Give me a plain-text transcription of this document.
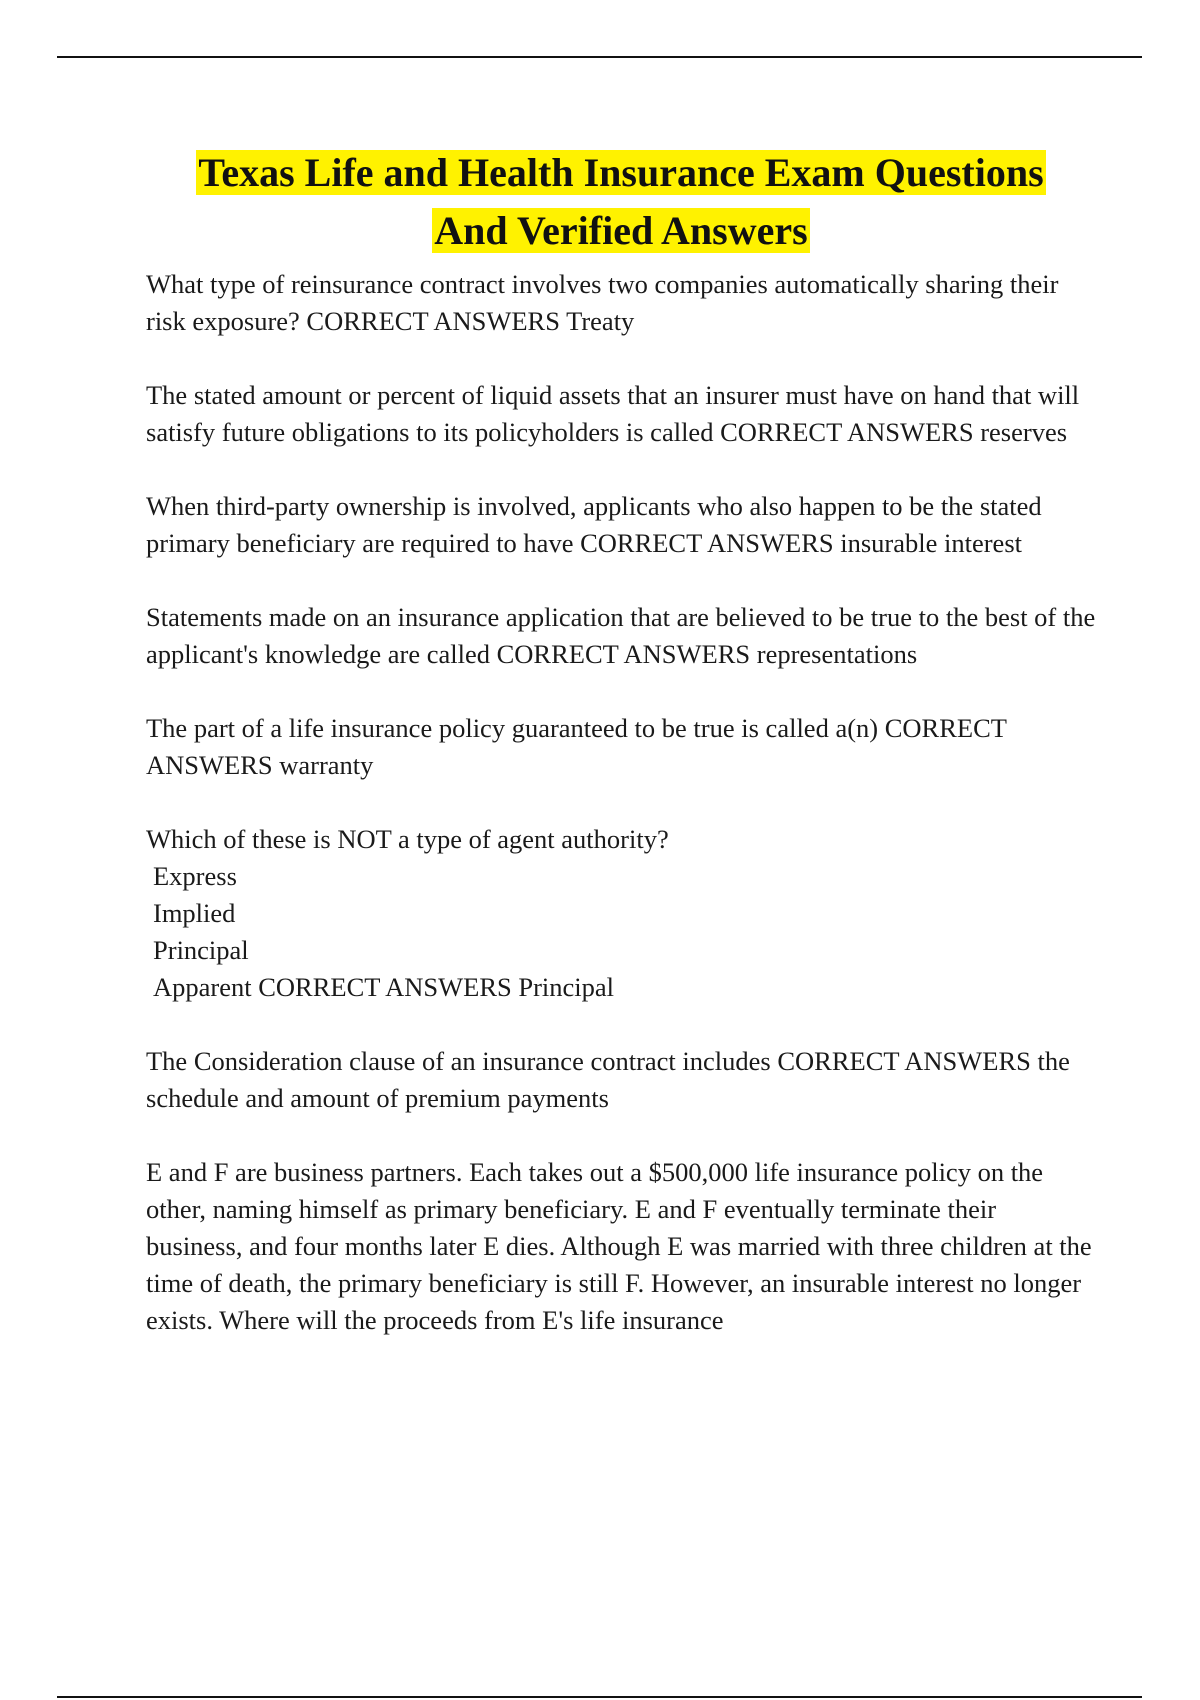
Texas Life and Health Insurance Exam Questions
And Verified Answers

What type of reinsurance contract involves two companies automatically sharing their risk exposure? CORRECT ANSWERS Treaty

The stated amount or percent of liquid assets that an insurer must have on hand that will satisfy future obligations to its policyholders is called CORRECT ANSWERS reserves

When third-party ownership is involved, applicants who also happen to be the stated primary beneficiary are required to have CORRECT ANSWERS insurable interest

Statements made on an insurance application that are believed to be true to the best of the applicant's knowledge are called CORRECT ANSWERS representations

The part of a life insurance policy guaranteed to be true is called a(n) CORRECT ANSWERS warranty

Which of these is NOT a type of agent authority?
Express
Implied
Principal
Apparent CORRECT ANSWERS Principal

The Consideration clause of an insurance contract includes CORRECT ANSWERS the schedule and amount of premium payments

E and F are business partners. Each takes out a $500,000 life insurance policy on the other, naming himself as primary beneficiary. E and F eventually terminate their business, and four months later E dies. Although E was married with three children at the time of death, the primary beneficiary is still F. However, an insurable interest no longer exists. Where will the proceeds from E's life insurance
